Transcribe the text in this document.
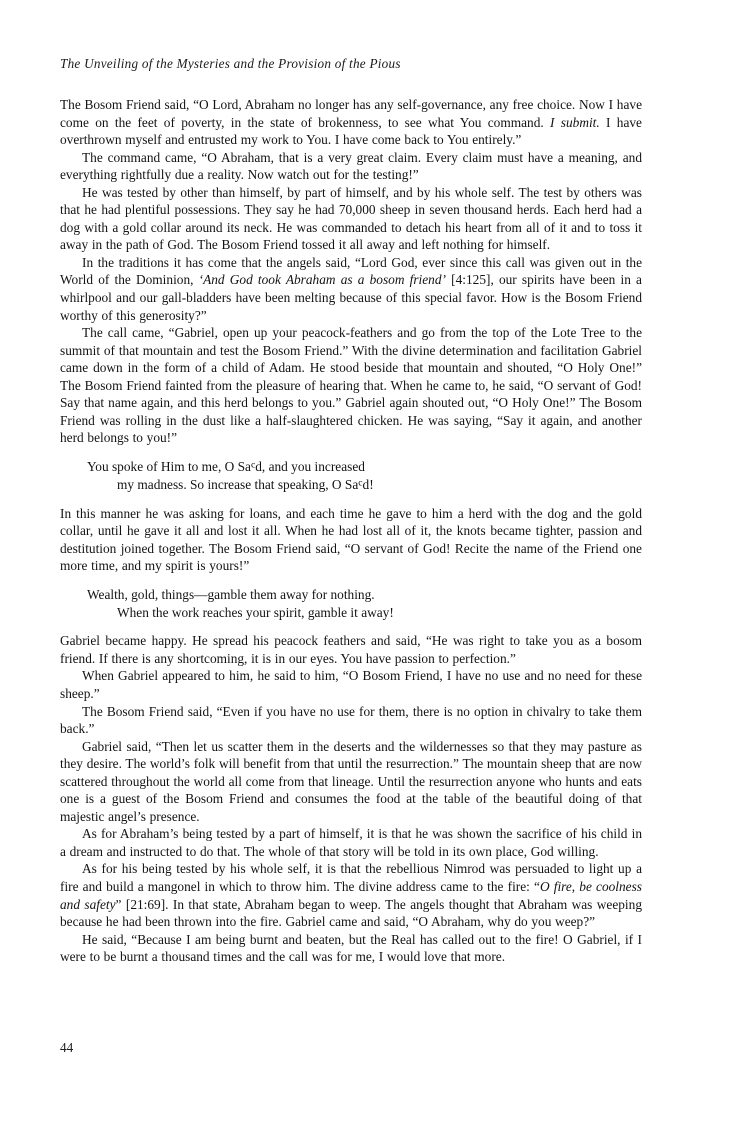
The Unveiling of the Mysteries and the Provision of the Pious

The Bosom Friend said, “O Lord, Abraham no longer has any self-governance, any free choice. Now I have come on the feet of poverty, in the state of brokenness, to see what You command. I submit. I have overthrown myself and entrusted my work to You. I have come back to You entirely.”

The command came, “O Abraham, that is a very great claim. Every claim must have a meaning, and everything rightfully due a reality. Now watch out for the testing!”

He was tested by other than himself, by part of himself, and by his whole self. The test by others was that he had plentiful possessions. They say he had 70,000 sheep in seven thousand herds. Each herd had a dog with a gold collar around its neck. He was commanded to detach his heart from all of it and to toss it away in the path of God. The Bosom Friend tossed it all away and left nothing for himself.

In the traditions it has come that the angels said, “Lord God, ever since this call was given out in the World of the Dominion, ‘And God took Abraham as a bosom friend’ [4:125], our spirits have been in a whirlpool and our gall-bladders have been melting because of this special favor. How is the Bosom Friend worthy of this generosity?”

The call came, “Gabriel, open up your peacock-feathers and go from the top of the Lote Tree to the summit of that mountain and test the Bosom Friend.” With the divine determination and facilitation Gabriel came down in the form of a child of Adam. He stood beside that mountain and shouted, “O Holy One!” The Bosom Friend fainted from the pleasure of hearing that. When he came to, he said, “O servant of God! Say that name again, and this herd belongs to you.” Gabriel again shouted out, “O Holy One!” The Bosom Friend was rolling in the dust like a half-slaughtered chicken. He was saying, “Say it again, and another herd belongs to you!”

You spoke of Him to me, O Sa$^c$d, and you increased
my madness. So increase that speaking, O Sa$^c$d!

In this manner he was asking for loans, and each time he gave to him a herd with the dog and the gold collar, until he gave it all and lost it all. When he had lost all of it, the knots became tighter, passion and destitution joined together. The Bosom Friend said, “O servant of God! Recite the name of the Friend one more time, and my spirit is yours!”

Wealth, gold, things—gamble them away for nothing.
When the work reaches your spirit, gamble it away!

Gabriel became happy. He spread his peacock feathers and said, “He was right to take you as a bosom friend. If there is any shortcoming, it is in our eyes. You have passion to perfection.”

When Gabriel appeared to him, he said to him, “O Bosom Friend, I have no use and no need for these sheep.”

The Bosom Friend said, “Even if you have no use for them, there is no option in chivalry to take them back.”

Gabriel said, “Then let us scatter them in the deserts and the wildernesses so that they may pasture as they desire. The world’s folk will benefit from that until the resurrection.” The mountain sheep that are now scattered throughout the world all come from that lineage. Until the resurrection anyone who hunts and eats one is a guest of the Bosom Friend and consumes the food at the table of the beautiful doing of that majestic angel’s presence.

As for Abraham’s being tested by a part of himself, it is that he was shown the sacrifice of his child in a dream and instructed to do that. The whole of that story will be told in its own place, God willing.

As for his being tested by his whole self, it is that the rebellious Nimrod was persuaded to light up a fire and build a mangonel in which to throw him. The divine address came to the fire: “O fire, be coolness and safety” [21:69]. In that state, Abraham began to weep. The angels thought that Abraham was weeping because he had been thrown into the fire. Gabriel came and said, “O Abraham, why do you weep?”

He said, “Because I am being burnt and beaten, but the Real has called out to the fire! O Gabriel, if I were to be burnt a thousand times and the call was for me, I would love that more.

44
